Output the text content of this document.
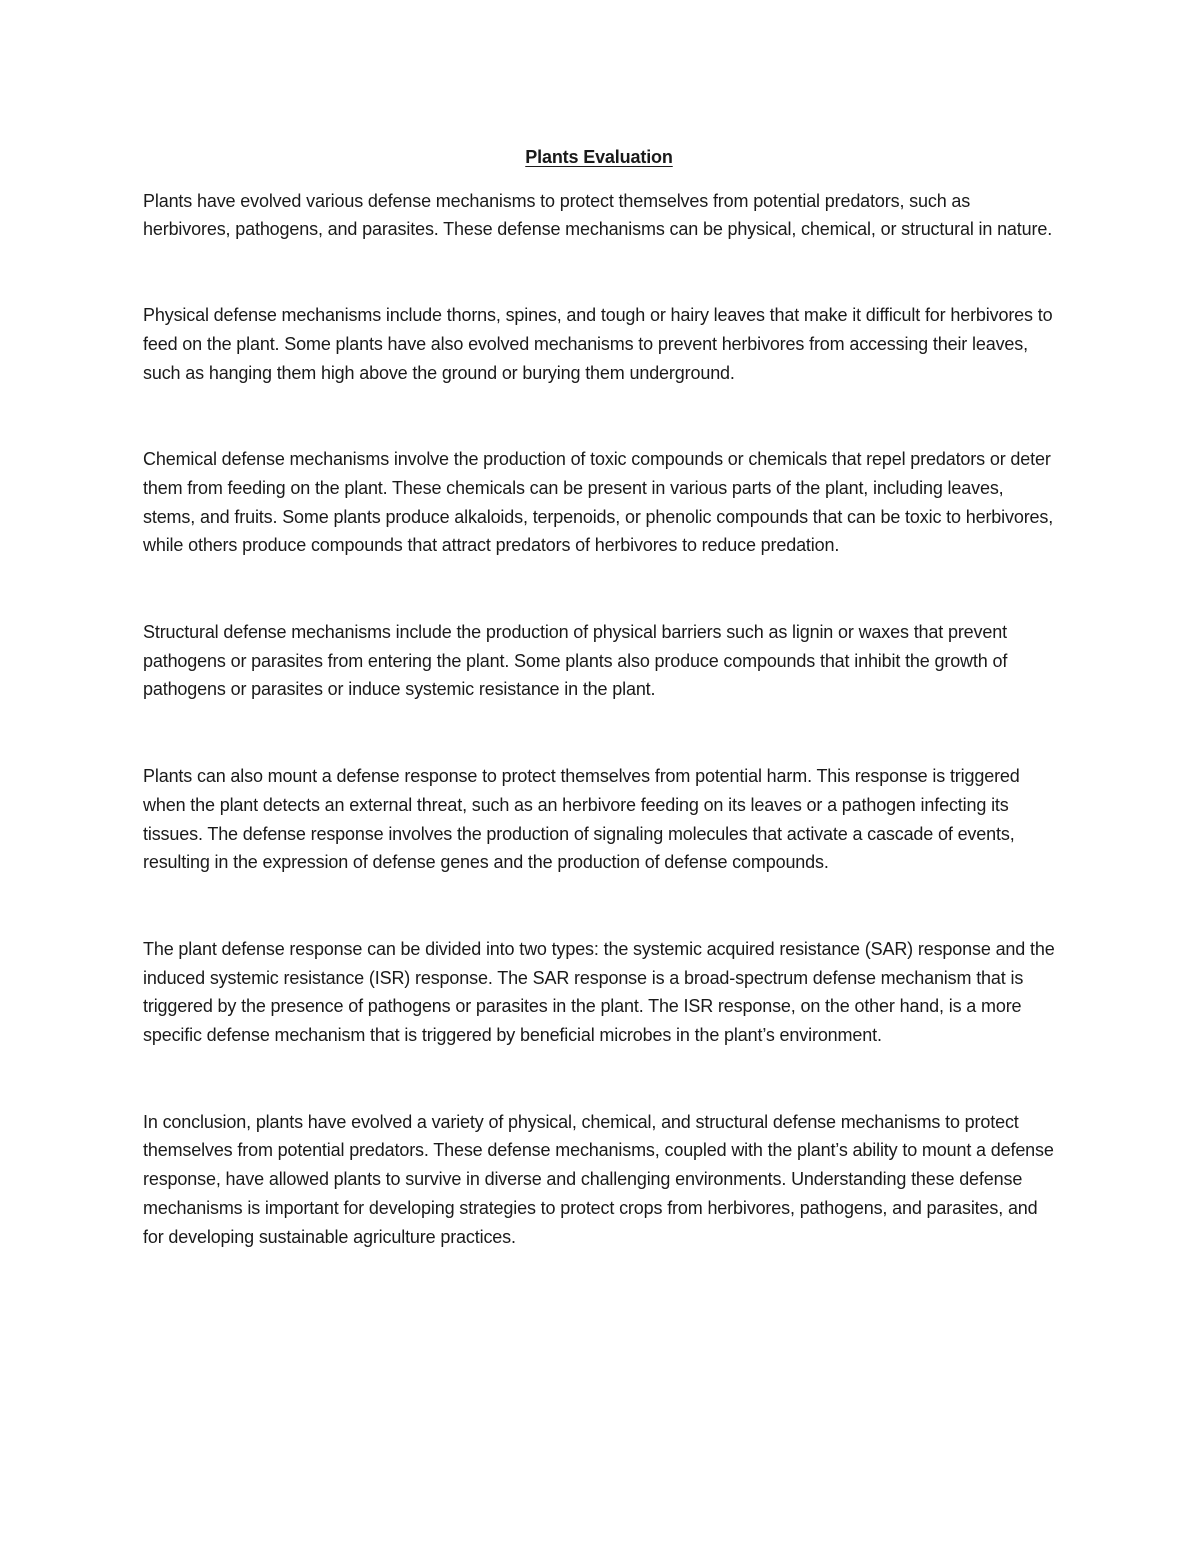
Plants Evaluation

Plants have evolved various defense mechanisms to protect themselves from potential predators, such as herbivores, pathogens, and parasites. These defense mechanisms can be physical, chemical, or structural in nature.

Physical defense mechanisms include thorns, spines, and tough or hairy leaves that make it difficult for herbivores to feed on the plant. Some plants have also evolved mechanisms to prevent herbivores from accessing their leaves, such as hanging them high above the ground or burying them underground.

Chemical defense mechanisms involve the production of toxic compounds or chemicals that repel predators or deter them from feeding on the plant. These chemicals can be present in various parts of the plant, including leaves, stems, and fruits. Some plants produce alkaloids, terpenoids, or phenolic compounds that can be toxic to herbivores, while others produce compounds that attract predators of herbivores to reduce predation.

Structural defense mechanisms include the production of physical barriers such as lignin or waxes that prevent pathogens or parasites from entering the plant. Some plants also produce compounds that inhibit the growth of pathogens or parasites or induce systemic resistance in the plant.

Plants can also mount a defense response to protect themselves from potential harm. This response is triggered when the plant detects an external threat, such as an herbivore feeding on its leaves or a pathogen infecting its tissues. The defense response involves the production of signaling molecules that activate a cascade of events, resulting in the expression of defense genes and the production of defense compounds.

The plant defense response can be divided into two types: the systemic acquired resistance (SAR) response and the induced systemic resistance (ISR) response. The SAR response is a broad-spectrum defense mechanism that is triggered by the presence of pathogens or parasites in the plant. The ISR response, on the other hand, is a more specific defense mechanism that is triggered by beneficial microbes in the plant’s environment.

In conclusion, plants have evolved a variety of physical, chemical, and structural defense mechanisms to protect themselves from potential predators. These defense mechanisms, coupled with the plant’s ability to mount a defense response, have allowed plants to survive in diverse and challenging environments. Understanding these defense mechanisms is important for developing strategies to protect crops from herbivores, pathogens, and parasites, and for developing sustainable agriculture practices.
